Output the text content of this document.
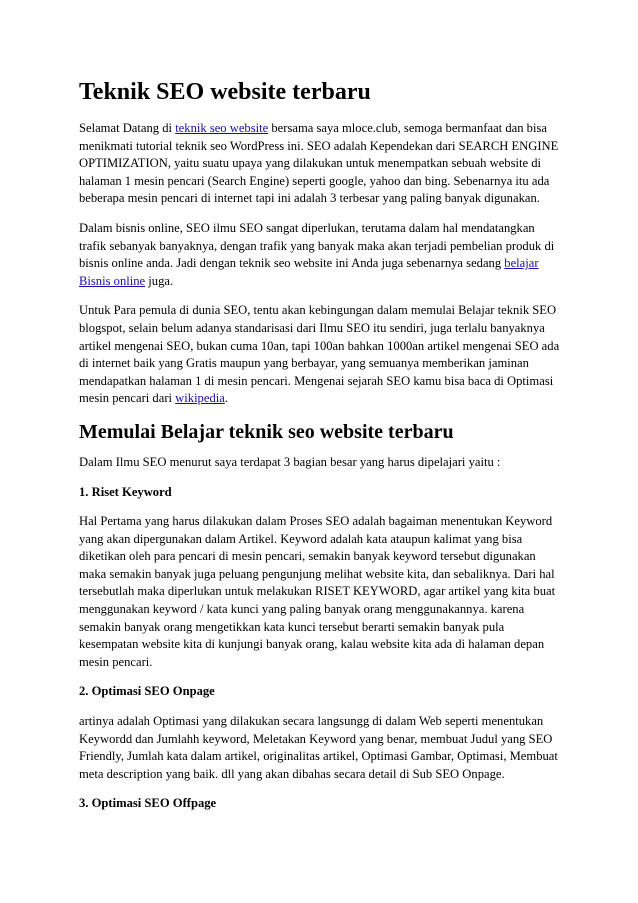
Teknik SEO website terbaru

Selamat Datang di teknik seo website bersama saya mloce.club, semoga bermanfaat dan bisa menikmati tutorial teknik seo WordPress ini. SEO adalah Kependekan dari SEARCH ENGINE OPTIMIZATION, yaitu suatu upaya yang dilakukan untuk menempatkan sebuah website di halaman 1 mesin pencari (Search Engine) seperti google, yahoo dan bing. Sebenarnya itu ada beberapa mesin pencari di internet tapi ini adalah 3 terbesar yang paling banyak digunakan.

Dalam bisnis online, SEO ilmu SEO sangat diperlukan, terutama dalam hal mendatangkan trafik sebanyak banyaknya, dengan trafik yang banyak maka akan terjadi pembelian produk di bisnis online anda. Jadi dengan teknik seo website ini Anda juga sebenarnya sedang belajar Bisnis online juga.

Untuk Para pemula di dunia SEO, tentu akan kebingungan dalam memulai Belajar teknik SEO blogspot, selain belum adanya standarisasi dari Ilmu SEO itu sendiri, juga terlalu banyaknya artikel mengenai SEO, bukan cuma 10an, tapi 100an bahkan 1000an artikel mengenai SEO ada di internet baik yang Gratis maupun yang berbayar, yang semuanya memberikan jaminan mendapatkan halaman 1 di mesin pencari. Mengenai sejarah SEO kamu bisa baca di Optimasi mesin pencari dari wikipedia.

Memulai Belajar teknik seo website terbaru

Dalam Ilmu SEO menurut saya terdapat 3 bagian besar yang harus dipelajari yaitu :

1. Riset Keyword

Hal Pertama yang harus dilakukan dalam Proses SEO adalah bagaiman menentukan Keyword yang akan dipergunakan dalam Artikel. Keyword adalah kata ataupun kalimat yang bisa diketikan oleh para pencari di mesin pencari, semakin banyak keyword tersebut digunakan maka semakin banyak juga peluang pengunjung melihat website kita, dan sebaliknya. Dari hal tersebutlah maka diperlukan untuk melakukan RISET KEYWORD, agar artikel yang kita buat menggunakan keyword / kata kunci yang paling banyak orang menggunakannya. karena semakin banyak orang mengetikkan kata kunci tersebut berarti semakin banyak pula kesempatan website kita di kunjungi banyak orang, kalau website kita ada di halaman depan mesin pencari.

2. Optimasi SEO Onpage

artinya adalah Optimasi yang dilakukan secara langsungg di dalam Web seperti menentukan Keywordd dan Jumlahh keyword, Meletakan Keyword yang benar, membuat Judul yang SEO Friendly, Jumlah kata dalam artikel, originalitas artikel, Optimasi Gambar, Optimasi, Membuat meta description yang baik. dll yang akan dibahas secara detail di Sub SEO Onpage.

3. Optimasi SEO Offpage
